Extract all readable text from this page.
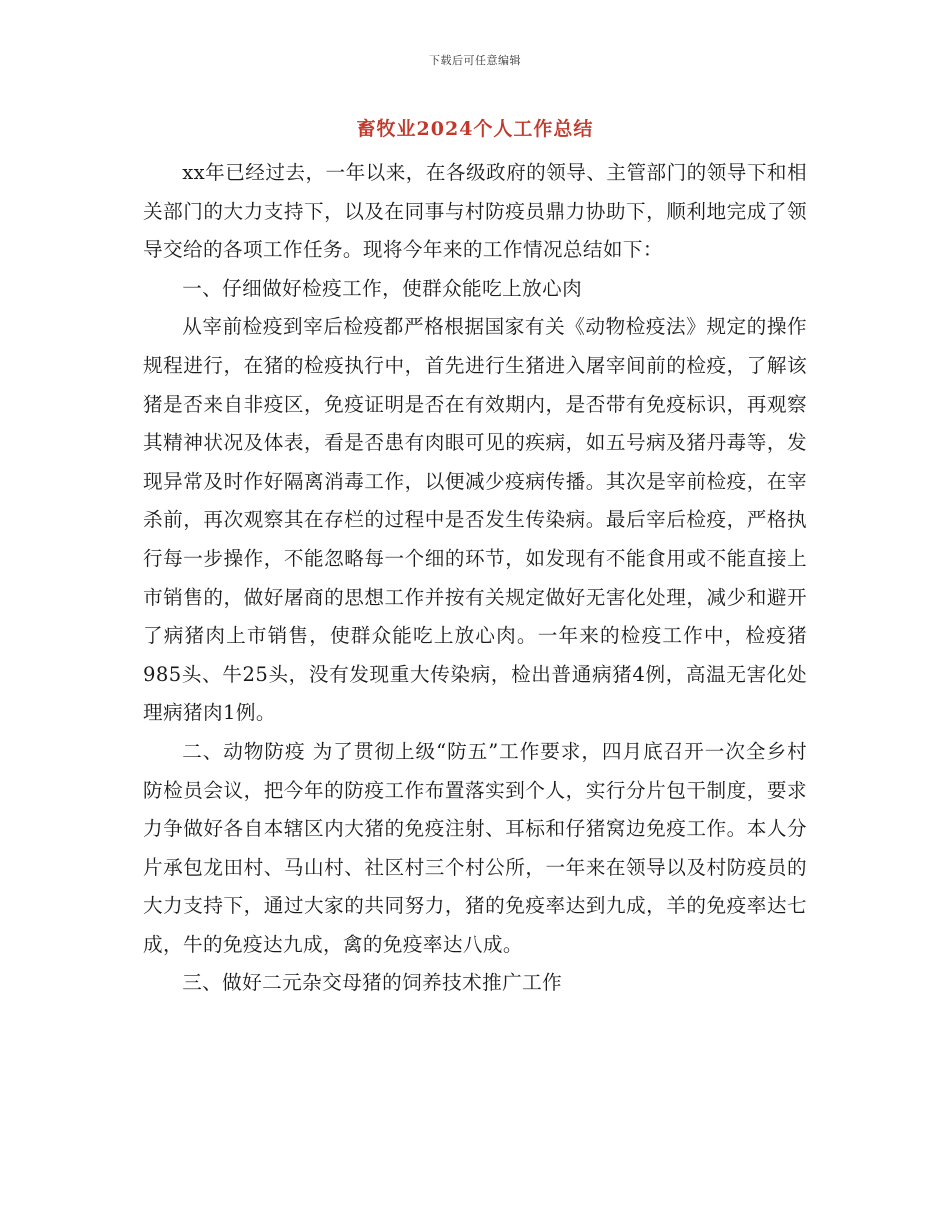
下载后可任意编辑
畜牧业2024个人工作总结

xx年已经过去，一年以来，在各级政府的领导、主管部门的领导下和相关部门的大力支持下，以及在同事与村防疫员鼎力协助下，顺利地完成了领导交给的各项工作任务。现将今年来的工作情况总结如下：

一、仔细做好检疫工作，使群众能吃上放心肉

从宰前检疫到宰后检疫都严格根据国家有关《动物检疫法》规定的操作规程进行，在猪的检疫执行中，首先进行生猪进入屠宰间前的检疫，了解该猪是否来自非疫区，免疫证明是否在有效期内，是否带有免疫标识，再观察其精神状况及体表，看是否患有肉眼可见的疾病，如五号病及猪丹毒等，发现异常及时作好隔离消毒工作，以便减少疫病传播。其次是宰前检疫，在宰杀前，再次观察其在存栏的过程中是否发生传染病。最后宰后检疫，严格执行每一步操作，不能忽略每一个细的环节，如发现有不能食用或不能直接上市销售的，做好屠商的思想工作并按有关规定做好无害化处理，减少和避开了病猪肉上市销售，使群众能吃上放心肉。一年来的检疫工作中，检疫猪985头、牛25头，没有发现重大传染病，检出普通病猪4例，高温无害化处理病猪肉1例。

二、动物防疫 为了贯彻上级“防五”工作要求，四月底召开一次全乡村防检员会议，把今年的防疫工作布置落实到个人，实行分片包干制度，要求力争做好各自本辖区内大猪的免疫注射、耳标和仔猪窝边免疫工作。本人分片承包龙田村、马山村、社区村三个村公所，一年来在领导以及村防疫员的大力支持下，通过大家的共同努力，猪的免疫率达到九成，羊的免疫率达七成，牛的免疫达九成，禽的免疫率达八成。

三、做好二元杂交母猪的饲养技术推广工作
